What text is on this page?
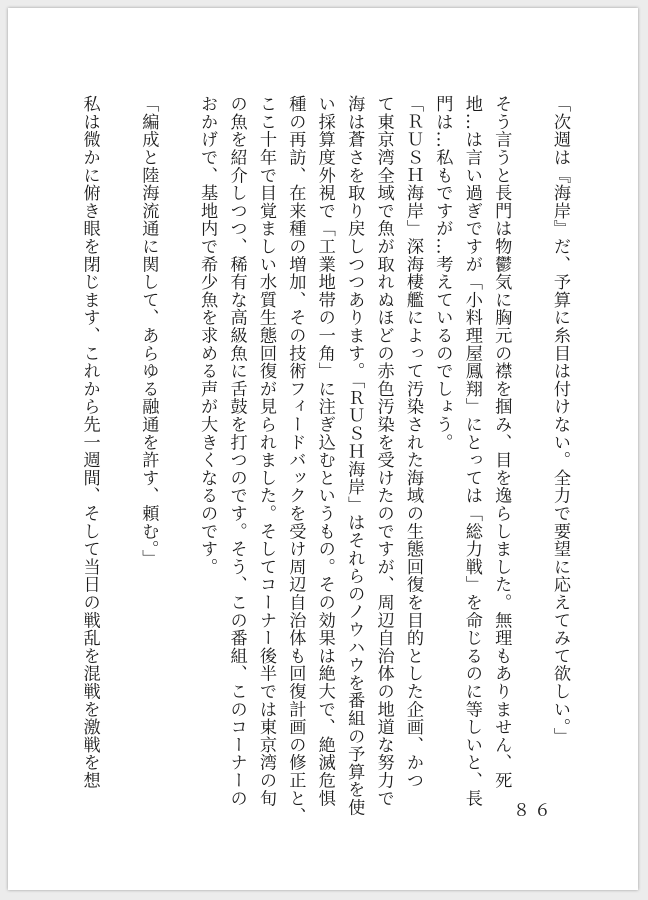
「次週は『海岸』だ、予算に糸目は付けない。全力で要望に応えてみて欲しい。」
そう言うと長門は物鬱気に胸元の襟を掴み、目を逸らしました。無理もありません、死
地…は言い過ぎですが「小料理屋鳳翔」にとっては「総力戦」を命じるのに等しいと、長
門は…私もですが…考えているのでしょう。
「ＲＵＳＨ海岸」深海棲艦によって汚染された海域の生態回復を目的とした企画、かつ
て東京湾全域で魚が取れぬほどの赤色汚染を受けたのですが、周辺自治体の地道な努力で
海は蒼さを取り戻しつつあります。「ＲＵＳＨ海岸」はそれらのノウハウを番組の予算を使
い採算度外視で「工業地帯の一角」に注ぎ込むというもの。その効果は絶大で、絶滅危惧
種の再訪、在来種の増加、その技術フィードバックを受け周辺自治体も回復計画の修正と、
ここ十年で目覚ましい水質生態回復が見られました。そしてコーナー後半では東京湾の旬
の魚を紹介しつつ、稀有な高級魚に舌鼓を打つのです。そう、この番組、このコーナーの
おかげで、基地内で希少魚を求める声が大きくなるのです。
「編成と陸海流通に関して、あらゆる融通を許す、頼む。」
私は微かに俯き眼を閉じます、これから先一週間、そして当日の戦乱を混戦を激戦を想
８６
